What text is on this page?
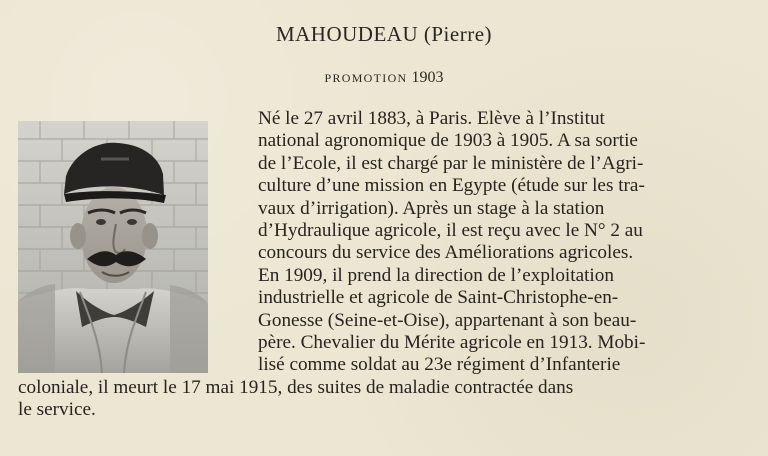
MAHOUDEAU (Pierre)
PROMOTION 1903
Né le 27 avril 1883, à Paris. Elève à l’Institut
national agronomique de 1903 à 1905. A sa sortie
de l’Ecole, il est chargé par le ministère de l’Agri-
culture d’une mission en Egypte (étude sur les tra-
vaux d’irrigation). Après un stage à la station
d’Hydraulique agricole, il est reçu avec le N° 2 au
concours du service des Améliorations agricoles.
En 1909, il prend la direction de l’exploitation
industrielle et agricole de Saint-Christophe-en-
Gonesse (Seine-et-Oise), appartenant à son beau-
père. Chevalier du Mérite agricole en 1913. Mobi-
lisé comme soldat au 23e régiment d’Infanterie
coloniale, il meurt le 17 mai 1915, des suites de maladie contractée dans
le service.
